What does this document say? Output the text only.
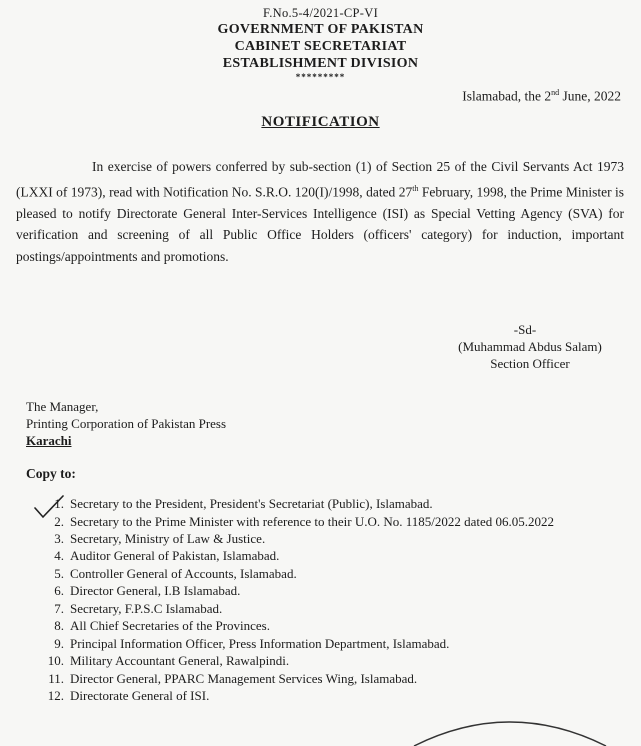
F.No.5-4/2021-CP-VI
GOVERNMENT OF PAKISTAN
CABINET SECRETARIAT
ESTABLISHMENT DIVISION
*********
Islamabad, the 2nd June, 2022
NOTIFICATION
In exercise of powers conferred by sub-section (1) of Section 25 of the Civil Servants Act 1973 (LXXI of 1973), read with Notification No. S.R.O. 120(I)/1998, dated 27th February, 1998, the Prime Minister is pleased to notify Directorate General Inter-Services Intelligence (ISI) as Special Vetting Agency (SVA) for verification and screening of all Public Office Holders (officers' category) for induction, important postings/appointments and promotions.
-Sd-
(Muhammad Abdus Salam)
Section Officer
The Manager,
Printing Corporation of Pakistan Press
Karachi
Copy to:
1. Secretary to the President, President's Secretariat (Public), Islamabad.
2. Secretary to the Prime Minister with reference to their U.O. No. 1185/2022 dated 06.05.2022
3. Secretary, Ministry of Law & Justice.
4. Auditor General of Pakistan, Islamabad.
5. Controller General of Accounts, Islamabad.
6. Director General, I.B Islamabad.
7. Secretary, F.P.S.C Islamabad.
8. All Chief Secretaries of the Provinces.
9. Principal Information Officer, Press Information Department, Islamabad.
10. Military Accountant General, Rawalpindi.
11. Director General, PPARC Management Services Wing, Islamabad.
12. Directorate General of ISI.
